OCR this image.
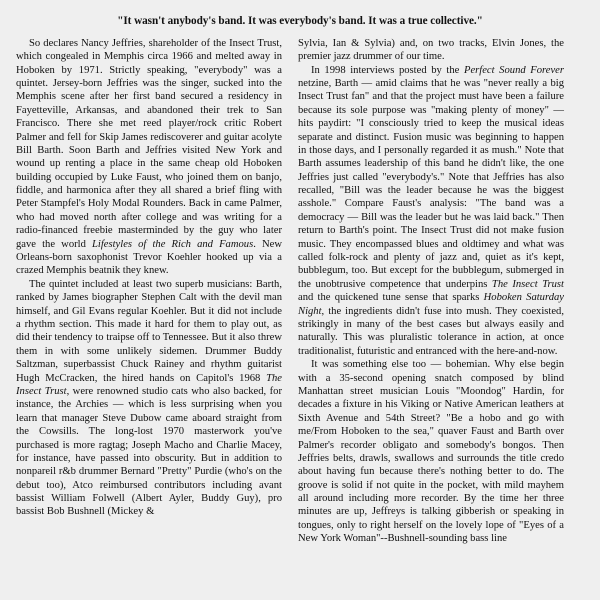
"It wasn't anybody's band. It was everybody's band. It was a true collective."

So declares Nancy Jeffries, shareholder of the Insect Trust, which congealed in Memphis circa 1966 and melted away in Hoboken by 1971. Strictly speaking, "everybody" was a quintet. Jersey-born Jeffries was the singer, sucked into the Memphis scene after her first band secured a residency in Fayetteville, Arkansas, and abandoned their trek to San Francisco. There she met reed player/rock critic Robert Palmer and fell for Skip James rediscoverer and guitar acolyte Bill Barth. Soon Barth and Jeffries visited New York and wound up renting a place in the same cheap old Hoboken building occupied by Luke Faust, who joined them on banjo, fiddle, and harmonica after they all shared a brief fling with Peter Stampfel's Holy Modal Rounders. Back in came Palmer, who had moved north after college and was writing for a radio-financed freebie masterminded by the guy who later gave the world Lifestyles of the Rich and Famous. New Orleans-born saxophonist Trevor Koehler hooked up via a crazed Memphis beatnik they knew.

The quintet included at least two superb musicians: Barth, ranked by James biographer Stephen Calt with the devil man himself, and Gil Evans regular Koehler. But it did not include a rhythm section. This made it hard for them to play out, as did their tendency to traipse off to Tennessee. But it also threw them in with some unlikely sidemen. Drummer Buddy Saltzman, superbassist Chuck Rainey and rhythm guitarist Hugh McCracken, the hired hands on Capitol's 1968 The Insect Trust, were renowned studio cats who also backed, for instance, the Archies — which is less surprising when you learn that manager Steve Dubow came aboard straight from the Cowsills. The long-lost 1970 masterwork you've purchased is more ragtag; Joseph Macho and Charlie Macey, for instance, have passed into obscurity. But in addition to nonpareil r&b drummer Bernard "Pretty" Purdie (who's on the debut too), Atco reimbursed contributors including avant bassist William Folwell (Albert Ayler, Buddy Guy), pro bassist Bob Bushnell (Mickey &

Sylvia, Ian & Sylvia) and, on two tracks, Elvin Jones, the premier jazz drummer of our time.

In 1998 interviews posted by the Perfect Sound Forever netzine, Barth — amid claims that he was "never really a big Insect Trust fan" and that the project must have been a failure because its sole purpose was "making plenty of money" — hits paydirt: "I consciously tried to keep the musical ideas separate and distinct. Fusion music was beginning to happen in those days, and I personally regarded it as mush." Note that Barth assumes leadership of this band he didn't like, the one Jeffries just called "everybody's." Note that Jeffries has also recalled, "Bill was the leader because he was the biggest asshole." Compare Faust's analysis: "The band was a democracy — Bill was the leader but he was laid back." Then return to Barth's point. The Insect Trust did not make fusion music. They encompassed blues and oldtimey and what was called folk-rock and plenty of jazz and, quiet as it's kept, bubblegum, too. But except for the bubblegum, submerged in the unobtrusive competence that underpins The Insect Trust and the quickened tune sense that sparks Hoboken Saturday Night, the ingredients didn't fuse into mush. They coexisted, strikingly in many of the best cases but always easily and naturally. This was pluralistic tolerance in action, at once traditionalist, futuristic and entranced with the here-and-now.

It was something else too — bohemian. Why else begin with a 35-second opening snatch composed by blind Manhattan street musician Louis "Moondog" Hardin, for decades a fixture in his Viking or Native American leathers at Sixth Avenue and 54th Street? "Be a hobo and go with me/From Hoboken to the sea," quaver Faust and Barth over Palmer's recorder obligato and somebody's bongos. Then Jeffries belts, drawls, swallows and surrounds the title credo about having fun because there's nothing better to do. The groove is solid if not quite in the pocket, with mild mayhem all around including more recorder. By the time her three minutes are up, Jeffreys is talking gibberish or speaking in tongues, only to right herself on the lovely lope of "Eyes of a New York Woman"--Bushnell-sounding bass line
